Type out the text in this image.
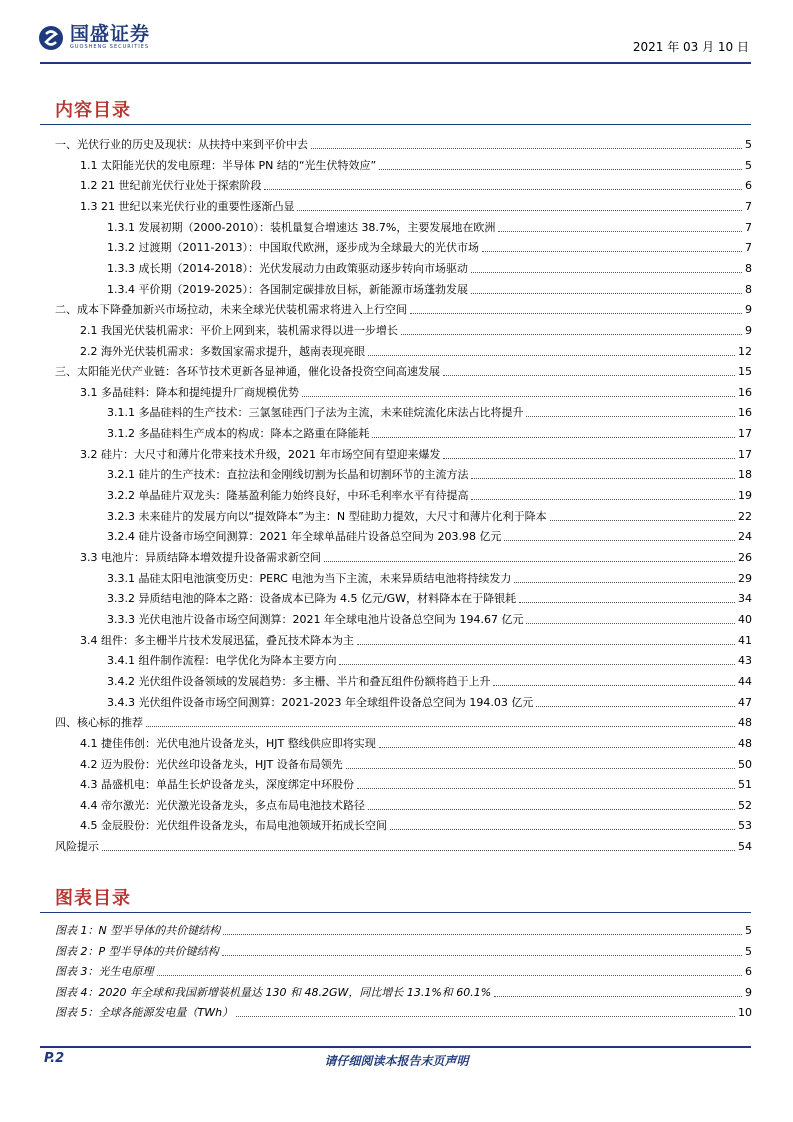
国盛证券
GUOSHENG SECURITIES	2021 年 03 月 10 日
内容目录
一、光伏行业的历史及现状：从扶持中来到平价中去	5
1.1 太阳能光伏的发电原理：半导体 PN 结的“光生伏特效应”	5
1.2 21 世纪前光伏行业处于探索阶段	6
1.3 21 世纪以来光伏行业的重要性逐渐凸显	7
1.3.1 发展初期（2000-2010）：装机量复合增速达 38.7%，主要发展地在欧洲	7
1.3.2 过渡期（2011-2013）：中国取代欧洲，逐步成为全球最大的光伏市场	7
1.3.3 成长期（2014-2018）：光伏发展动力由政策驱动逐步转向市场驱动	8
1.3.4 平价期（2019-2025）：各国制定碳排放目标，新能源市场蓬勃发展	8
二、成本下降叠加新兴市场拉动，未来全球光伏装机需求将进入上行空间	9
2.1 我国光伏装机需求：平价上网到来，装机需求得以进一步增长	9
2.2 海外光伏装机需求：多数国家需求提升，越南表现亮眼	12
三、太阳能光伏产业链：各环节技术更新各显神通，催化设备投资空间高速发展	15
3.1 多晶硅料：降本和提纯提升厂商规模优势	16
3.1.1 多晶硅料的生产技术：三氯氢硅西门子法为主流，未来硅烷流化床法占比将提升	16
3.1.2 多晶硅料生产成本的构成：降本之路重在降能耗	17
3.2 硅片：大尺寸和薄片化带来技术升级，2021 年市场空间有望迎来爆发	17
3.2.1 硅片的生产技术：直拉法和金刚线切割为长晶和切割环节的主流方法	18
3.2.2 单晶硅片双龙头：隆基盈利能力始终良好，中环毛利率水平有待提高	19
3.2.3 未来硅片的发展方向以“提效降本”为主：N 型硅助力提效，大尺寸和薄片化利于降本	22
3.2.4 硅片设备市场空间测算：2021 年全球单晶硅片设备总空间为 203.98 亿元	24
3.3 电池片：异质结降本增效提升设备需求新空间	26
3.3.1 晶硅太阳电池演变历史：PERC 电池为当下主流，未来异质结电池将持续发力	29
3.3.2 异质结电池的降本之路：设备成本已降为 4.5 亿元/GW，材料降本在于降银耗	34
3.3.3 光伏电池片设备市场空间测算：2021 年全球电池片设备总空间为 194.67 亿元	40
3.4 组件：多主栅半片技术发展迅猛，叠瓦技术降本为主	41
3.4.1 组件制作流程：电学优化为降本主要方向	43
3.4.2 光伏组件设备领域的发展趋势：多主栅、半片和叠瓦组件份额将趋于上升	44
3.4.3 光伏组件设备市场空间测算：2021-2023 年全球组件设备总空间为 194.03 亿元	47
四、核心标的推荐	48
4.1 捷佳伟创：光伏电池片设备龙头，HJT 整线供应即将实现	48
4.2 迈为股份：光伏丝印设备龙头，HJT 设备布局领先	50
4.3 晶盛机电：单晶生长炉设备龙头，深度绑定中环股份	51
4.4 帝尔激光：光伏激光设备龙头，多点布局电池技术路径	52
4.5 金辰股份：光伏组件设备龙头，布局电池领域开拓成长空间	53
风险提示	54
图表目录
图表 1：N 型半导体的共价键结构	5
图表 2：P 型半导体的共价键结构	5
图表 3：光生电原理	6
图表 4：2020 年全球和我国新增装机量达 130 和 48.2GW，同比增长 13.1%和 60.1%	9
图表 5：全球各能源发电量（TWh）	10
P.2	请仔细阅读本报告末页声明
